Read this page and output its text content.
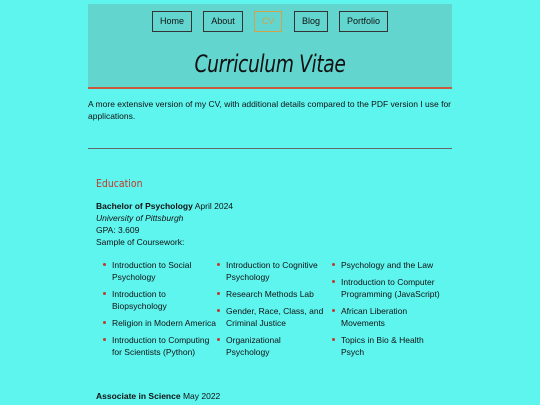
Home	About	CV	Blog	Portfolio
Curriculum Vitae

A more extensive version of my CV, with additional details compared to the PDF version I use for applications.

Education
Bachelor of Psychology April 2024
University of Pittsburgh
GPA: 3.609
Sample of Coursework:
Introduction to Social Psychology
Introduction to Biopsychology
Religion in Modern America
Introduction to Computing for Scientists (Python)
Introduction to Cognitive Psychology
Research Methods Lab
Gender, Race, Class, and Criminal Justice
Organizational Psychology
Psychology and the Law
Introduction to Computer Programming (JavaScript)
African Liberation Movements
Topics in Bio & Health Psych
Associate in Science May 2022
